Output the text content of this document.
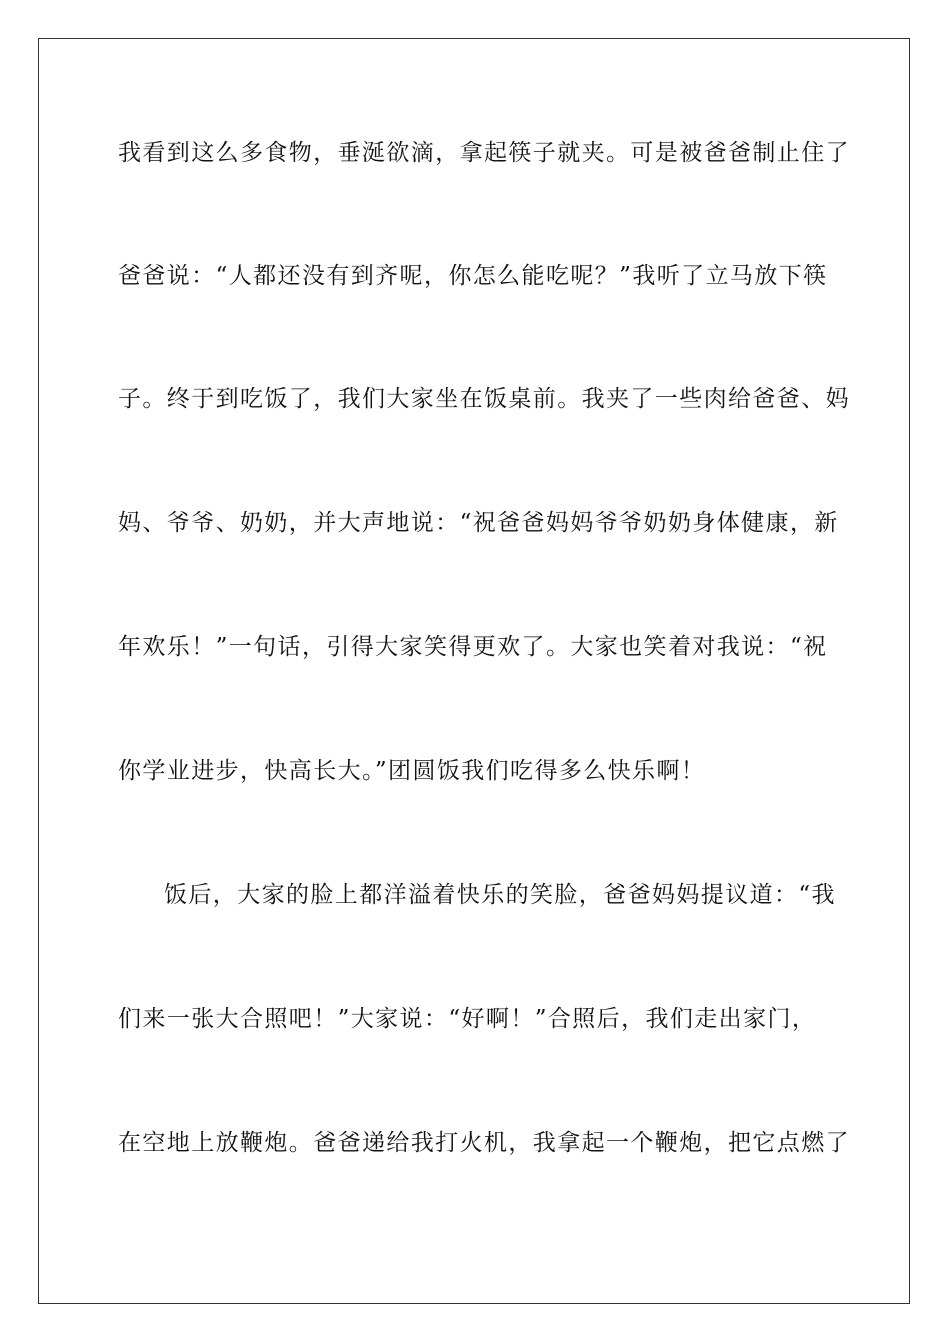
我看到这么多食物，垂涎欲滴，拿起筷子就夹。可是被爸爸制止住了
爸爸说：“人都还没有到齐呢，你怎么能吃呢？”我听了立马放下筷
子。终于到吃饭了，我们大家坐在饭桌前。我夹了一些肉给爸爸、妈
妈、爷爷、奶奶，并大声地说：“祝爸爸妈妈爷爷奶奶身体健康，新
年欢乐！”一句话，引得大家笑得更欢了。大家也笑着对我说：“祝
你学业进步，快高长大。”团圆饭我们吃得多么快乐啊！
饭后，大家的脸上都洋溢着快乐的笑脸，爸爸妈妈提议道：“我
们来一张大合照吧！”大家说：“好啊！”合照后，我们走出家门，
在空地上放鞭炮。爸爸递给我打火机，我拿起一个鞭炮，把它点燃了
